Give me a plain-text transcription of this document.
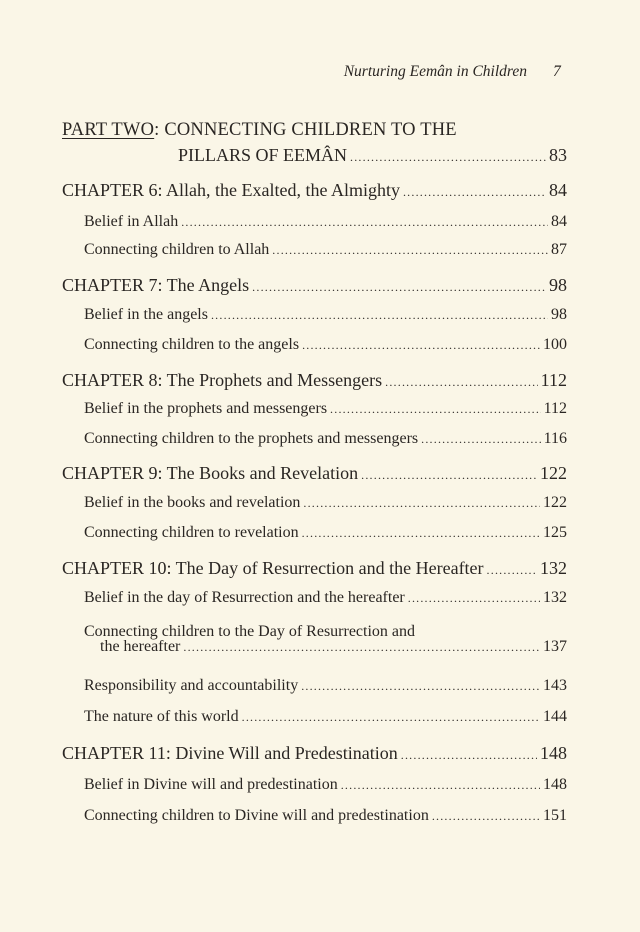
Nurturing Eemân in Children 7
PART TWO: CONNECTING CHILDREN TO THE
PILLARS OF EEMÂN .....	83
CHAPTER 6: Allah, the Exalted, the Almighty .....	84
Belief in Allah .....	84
Connecting children to Allah .....	87
CHAPTER 7: The Angels .....	98
Belief in the angels .....	98
Connecting children to the angels .....	100
CHAPTER 8: The Prophets and Messengers .....	112
Belief in the prophets and messengers .....	112
Connecting children to the prophets and messengers .....	116
CHAPTER 9: The Books and Revelation .....	122
Belief in the books and revelation .....	122
Connecting children to revelation .....	125
CHAPTER 10: The Day of Resurrection and the Hereafter .....	132
Belief in the day of Resurrection and the hereafter .....	132
Connecting children to the Day of Resurrection and
the hereafter .....	137
Responsibility and accountability .....	143
The nature of this world .....	144
CHAPTER 11: Divine Will and Predestination .....	148
Belief in Divine will and predestination .....	148
Connecting children to Divine will and predestination .....	151
